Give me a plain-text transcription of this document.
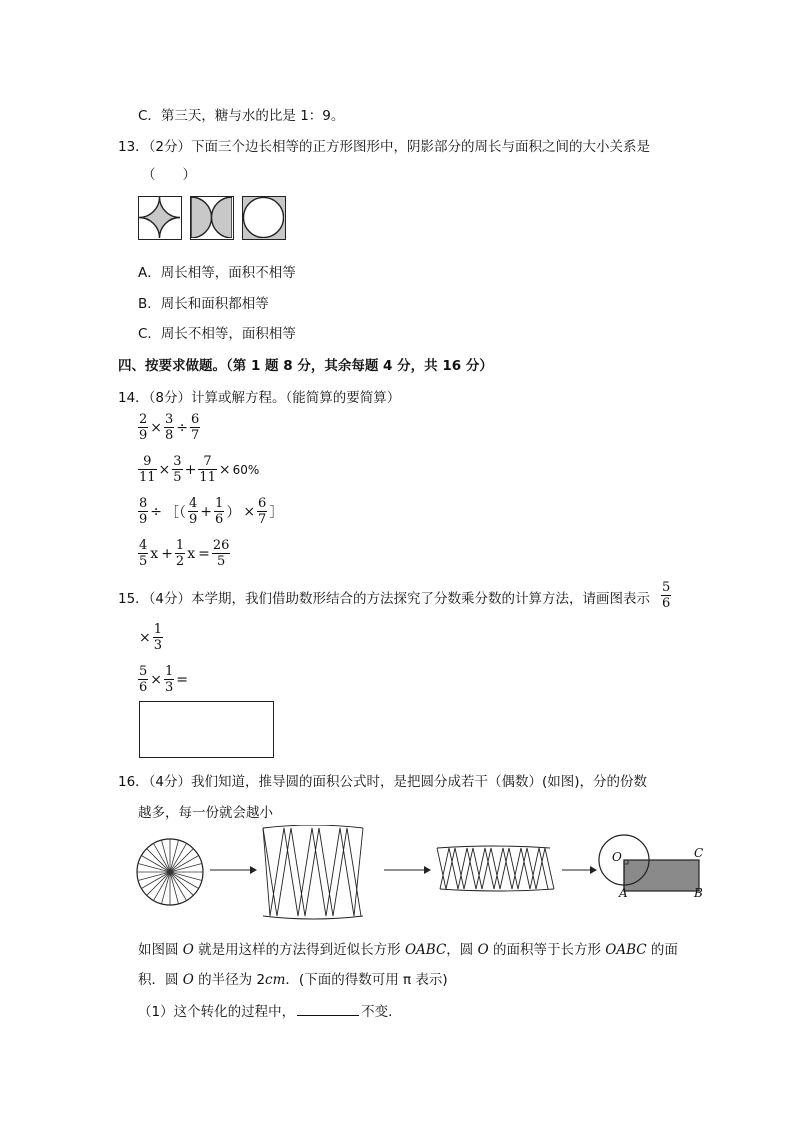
C．第三天，糖与水的比是 1：9。
13．（2分）下面三个边长相等的正方形图形中，阴影部分的周长与面积之间的大小关系是
（　　）
A．周长相等，面积不相等
B．周长和面积都相等
C．周长不相等，面积相等
四、按要求做题。（第 1 题 8 分，其余每题 4 分，共 16 分）
14．（8分）计算或解方程。（能简算的要简算）
$\frac{2}{9} \times \frac{3}{8} \div \frac{6}{7}$
$\frac{9}{11} \times \frac{3}{5} + \frac{7}{11} \times 60\%$
$\frac{8}{9}$ ÷ ［（ $\frac{4}{9} + \frac{1}{6}$ ） × $\frac{6}{7}$ ］
$\frac{4}{5}$ $x + \frac{1}{2}$ $x = \frac{26}{5}$
15．（4分）本学期，我们借助数形结合的方法探究了分数乘分数的计算方法，请画图表示 $\frac{5}{6}$
× $\frac{1}{3}$
$\frac{5}{6} \times \frac{1}{3}$ =
16．（4分）我们知道，推导圆的面积公式时，是把圆分成若干（偶数）(如图)，分的份数
越多，每一份就会越小
O
A	B
C
如图圆 O 就是用这样的方法得到近似长方形 OABC，圆 O 的面积等于长方形 OABC 的面
积．圆 O 的半径为 2cm．(下面的得数可用 π 表示)
（1）这个转化的过程中，	不变．
